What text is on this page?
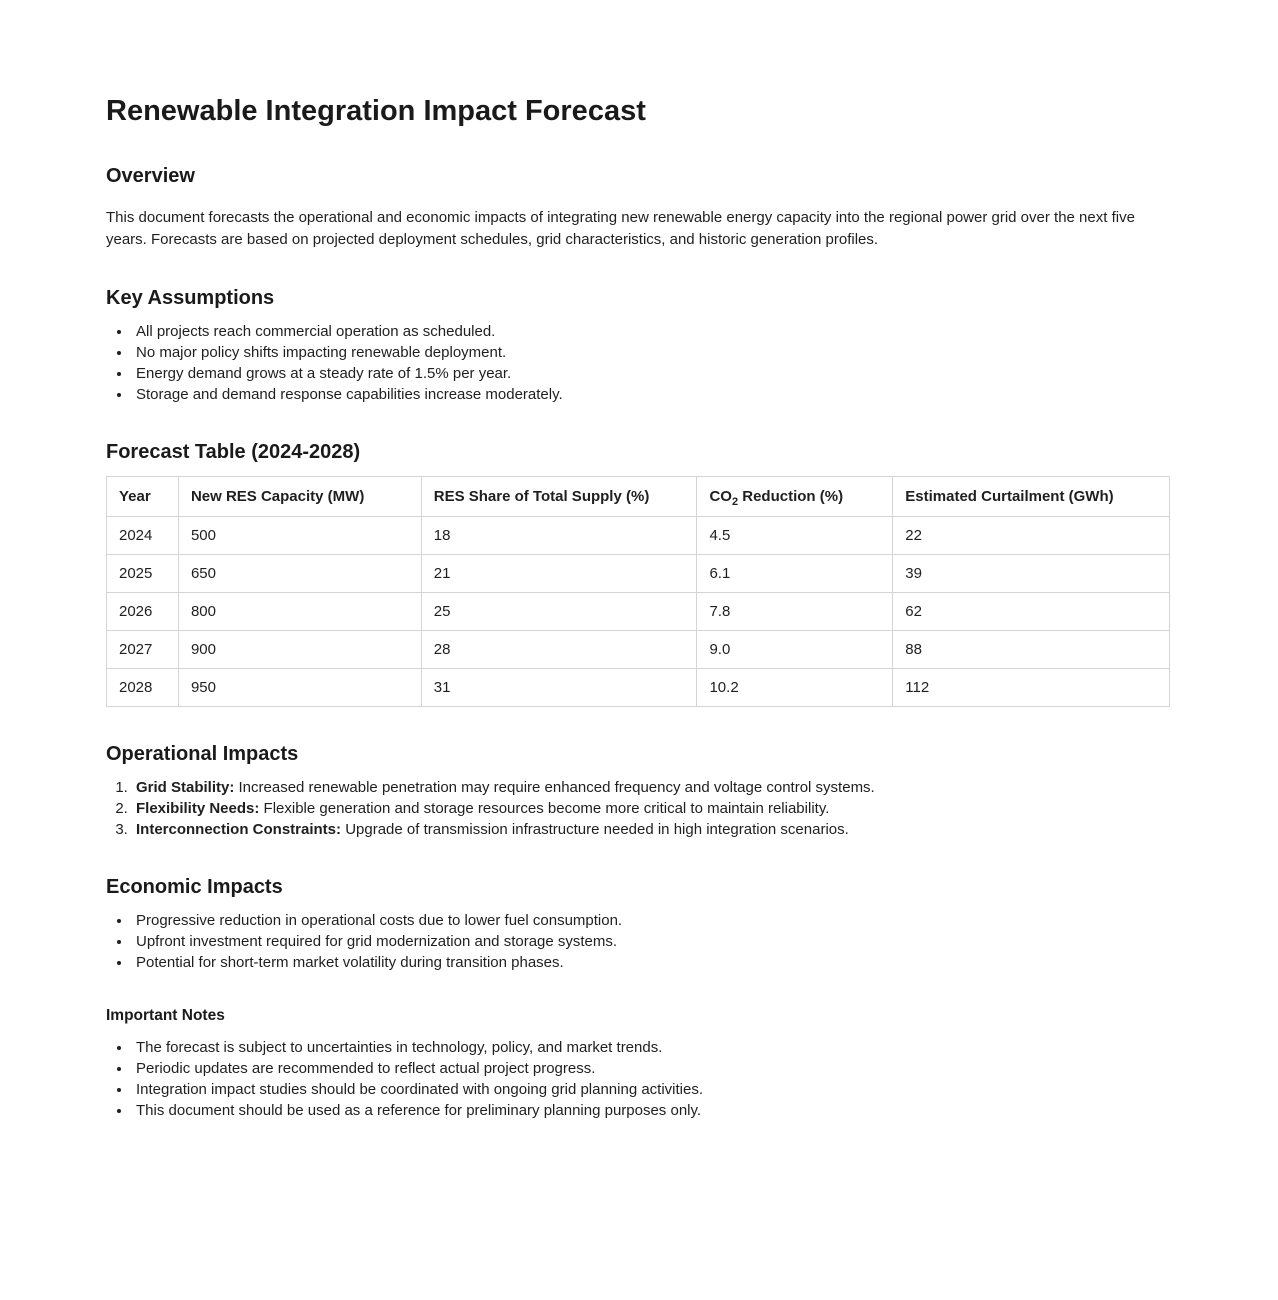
Renewable Integration Impact Forecast
Overview

This document forecasts the operational and economic impacts of integrating new renewable energy capacity into the regional power grid over the next five years. Forecasts are based on projected deployment schedules, grid characteristics, and historic generation profiles.

Key Assumptions
• All projects reach commercial operation as scheduled.
• No major policy shifts impacting renewable deployment.
• Energy demand grows at a steady rate of 1.5% per year.
• Storage and demand response capabilities increase moderately.
Forecast Table (2024-2028)
Year	New RES Capacity (MW)	RES Share of Total Supply (%)	$CO_2$ Reduction (%)	Estimated Curtailment (GWh)
2024	500	18	4.5	22
2025	650	21	6.1	39
2026	800	25	7.8	62
2027	900	28	9.0	88
2028	950	31	10.2	112
Operational Impacts
1. Grid Stability: Increased renewable penetration may require enhanced frequency and voltage control systems.
2. Flexibility Needs: Flexible generation and storage resources become more critical to maintain reliability.
3. Interconnection Constraints: Upgrade of transmission infrastructure needed in high integration scenarios.
Economic Impacts
• Progressive reduction in operational costs due to lower fuel consumption.
• Upfront investment required for grid modernization and storage systems.
• Potential for short-term market volatility during transition phases.
Important Notes
• The forecast is subject to uncertainties in technology, policy, and market trends.
• Periodic updates are recommended to reflect actual project progress.
• Integration impact studies should be coordinated with ongoing grid planning activities.
• This document should be used as a reference for preliminary planning purposes only.
